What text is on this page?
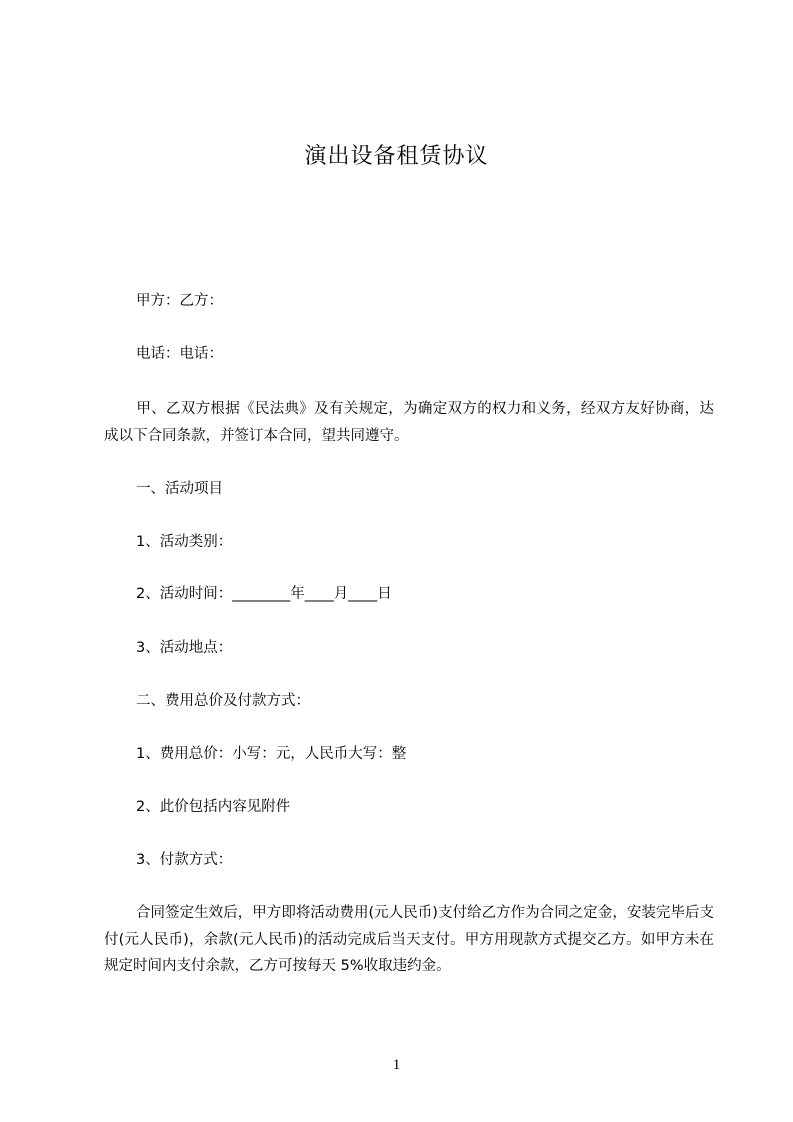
演出设备租赁协议
甲方：乙方：
电话：电话：
甲、乙双方根据《民法典》及有关规定，为确定双方的权力和义务，经双方友好协商，达成以下合同条款，并签订本合同，望共同遵守。
一、活动项目
1、活动类别：
2、活动时间：________年____月____日
3、活动地点：
二、费用总价及付款方式：
1、费用总价：小写：元，人民币大写：整
2、此价包括内容见附件
3、付款方式：
合同签定生效后，甲方即将活动费用(元人民币)支付给乙方作为合同之定金，安装完毕后支付(元人民币)，余款(元人民币)的活动完成后当天支付。甲方用现款方式提交乙方。如甲方未在规定时间内支付余款，乙方可按每天 5%收取违约金。
1
